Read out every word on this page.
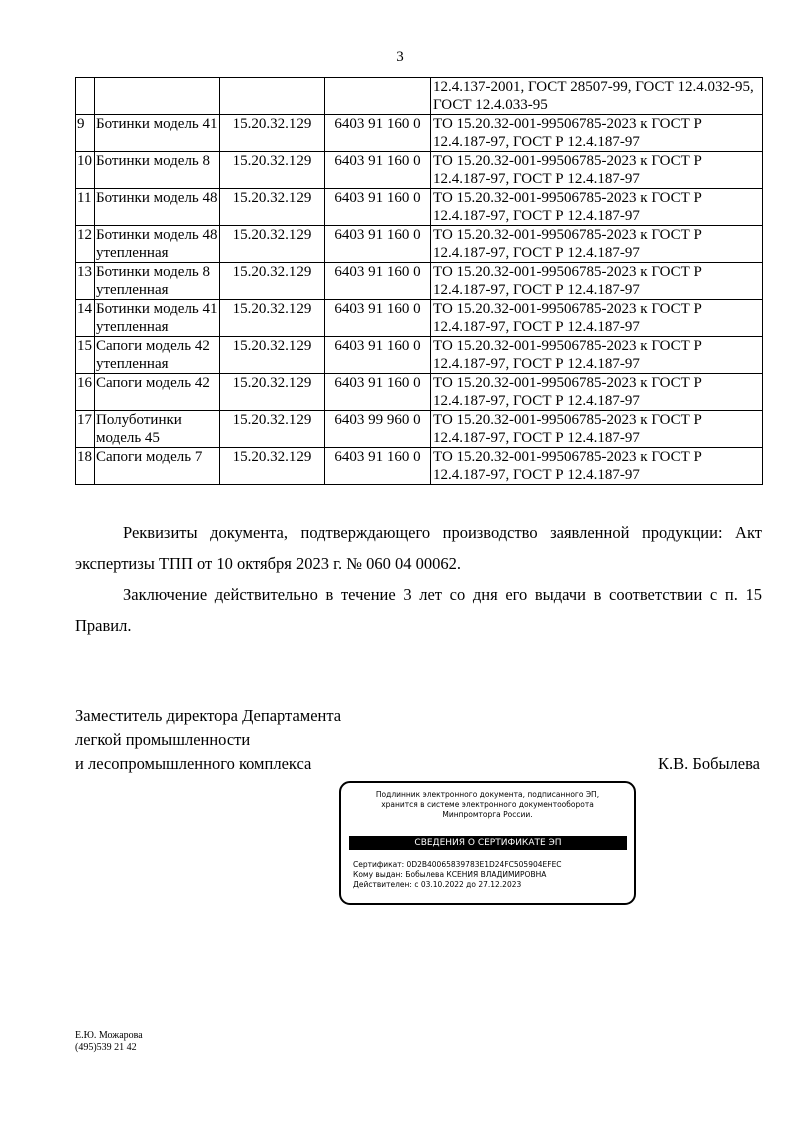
3
				12.4.137-2001, ГОСТ 28507-99, ГОСТ 12.4.032-95, ГОСТ 12.4.033-95
9	Ботинки модель 41	15.20.32.129	6403 91 160 0	ТО 15.20.32-001-99506785-2023 к ГОСТ Р 12.4.187-97, ГОСТ Р 12.4.187-97
10	Ботинки модель 8	15.20.32.129	6403 91 160 0	ТО 15.20.32-001-99506785-2023 к ГОСТ Р 12.4.187-97, ГОСТ Р 12.4.187-97
11	Ботинки модель 48	15.20.32.129	6403 91 160 0	ТО 15.20.32-001-99506785-2023 к ГОСТ Р 12.4.187-97, ГОСТ Р 12.4.187-97
12	Ботинки модель 48 утепленная	15.20.32.129	6403 91 160 0	ТО 15.20.32-001-99506785-2023 к ГОСТ Р 12.4.187-97, ГОСТ Р 12.4.187-97
13	Ботинки модель 8 утепленная	15.20.32.129	6403 91 160 0	ТО 15.20.32-001-99506785-2023 к ГОСТ Р 12.4.187-97, ГОСТ Р 12.4.187-97
14	Ботинки модель 41 утепленная	15.20.32.129	6403 91 160 0	ТО 15.20.32-001-99506785-2023 к ГОСТ Р 12.4.187-97, ГОСТ Р 12.4.187-97
15	Сапоги модель 42 утепленная	15.20.32.129	6403 91 160 0	ТО 15.20.32-001-99506785-2023 к ГОСТ Р 12.4.187-97, ГОСТ Р 12.4.187-97
16	Сапоги модель 42	15.20.32.129	6403 91 160 0	ТО 15.20.32-001-99506785-2023 к ГОСТ Р 12.4.187-97, ГОСТ Р 12.4.187-97
17	Полуботинки модель 45	15.20.32.129	6403 99 960 0	ТО 15.20.32-001-99506785-2023 к ГОСТ Р 12.4.187-97, ГОСТ Р 12.4.187-97
18	Сапоги модель 7	15.20.32.129	6403 91 160 0	ТО 15.20.32-001-99506785-2023 к ГОСТ Р 12.4.187-97, ГОСТ Р 12.4.187-97
Реквизиты документа, подтверждающего производство заявленной продукции: Акт экспертизы ТПП от 10 октября 2023 г. № 060 04 00062.
Заключение действительно в течение 3 лет со дня его выдачи в соответствии с п. 15 Правил.
Заместитель директора Департамента
легкой промышленности
и лесопромышленного комплекса	К.В. Бобылева
Подлинник электронного документа, подписанного ЭП,
хранится в системе электронного документооборота
Минпромторга России.
СВЕДЕНИЯ О СЕРТИФИКАТЕ ЭП
Сертификат: 0D2B40065839783E1D24FC505904EFEC
Кому выдан: Бобылева КСЕНИЯ ВЛАДИМИРОВНА
Действителен: с 03.10.2022 до 27.12.2023
Е.Ю. Можарова
(495)539 21 42
